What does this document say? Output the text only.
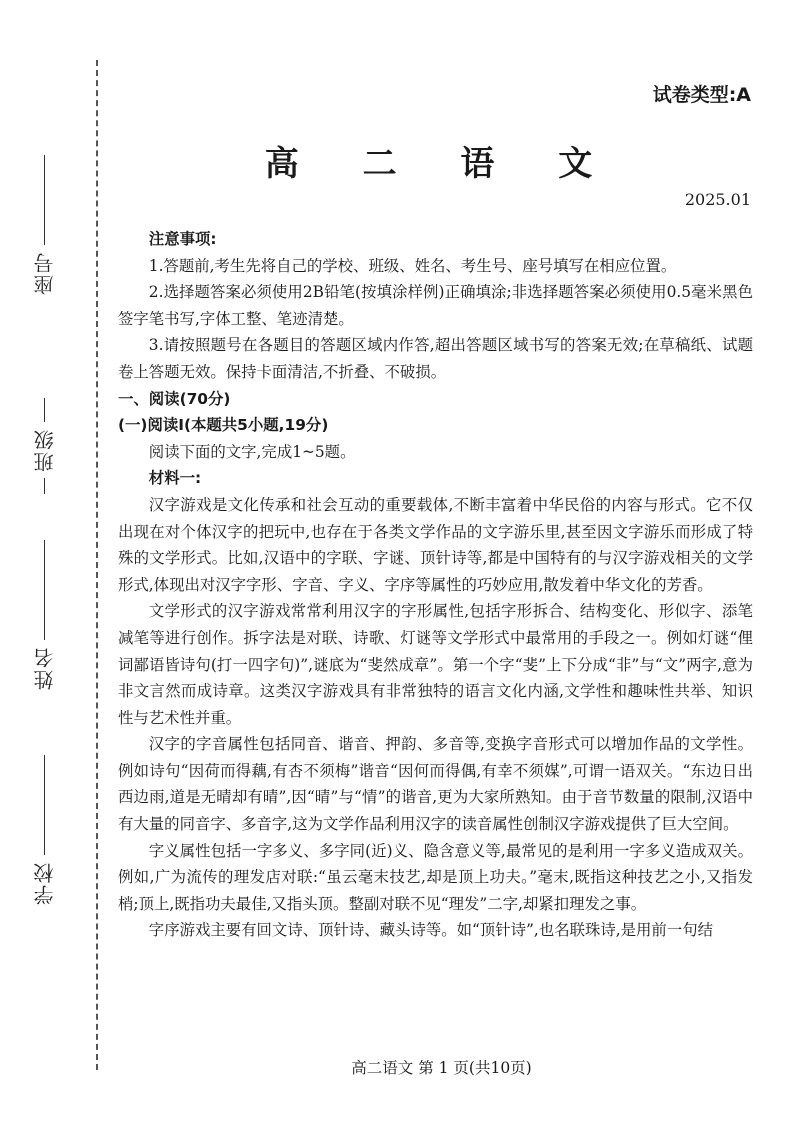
座号
班级
姓名
学校
试卷类型:A
高 二 语 文
2025.01

注意事项:

1.答题前,考生先将自己的学校、班级、姓名、考生号、座号填写在相应位置。

2.选择题答案必须使用2B铅笔(按填涂样例)正确填涂;非选择题答案必须使用0.5毫米黑色签字笔书写,字体工整、笔迹清楚。

3.请按照题号在各题目的答题区域内作答,超出答题区域书写的答案无效;在草稿纸、试题卷上答题无效。保持卡面清洁,不折叠、不破损。

一、阅读(70分)

(一)阅读Ⅰ(本题共5小题,19分)

阅读下面的文字,完成1~5题。

材料一:

汉字游戏是文化传承和社会互动的重要载体,不断丰富着中华民俗的内容与形式。它不仅出现在对个体汉字的把玩中,也存在于各类文学作品的文字游乐里,甚至因文字游乐而形成了特殊的文学形式。比如,汉语中的字联、字谜、顶针诗等,都是中国特有的与汉字游戏相关的文学形式,体现出对汉字字形、字音、字义、字序等属性的巧妙应用,散发着中华文化的芳香。

文学形式的汉字游戏常常利用汉字的字形属性,包括字形拆合、结构变化、形似字、添笔减笔等进行创作。拆字法是对联、诗歌、灯谜等文学形式中最常用的手段之一。例如灯谜“俚词鄙语皆诗句(打一四字句)”,谜底为“斐然成章”。第一个字“斐”上下分成“非”与“文”两字,意为非文言然而成诗章。这类汉字游戏具有非常独特的语言文化内涵,文学性和趣味性共举、知识性与艺术性并重。

汉字的字音属性包括同音、谐音、押韵、多音等,变换字音形式可以增加作品的文学性。例如诗句“因荷而得藕,有杏不须梅”谐音“因何而得偶,有幸不须媒”,可谓一语双关。“东边日出西边雨,道是无晴却有晴”,因“晴”与“情”的谐音,更为大家所熟知。由于音节数量的限制,汉语中有大量的同音字、多音字,这为文学作品利用汉字的读音属性创制汉字游戏提供了巨大空间。

字义属性包括一字多义、多字同(近)义、隐含意义等,最常见的是利用一字多义造成双关。例如,广为流传的理发店对联:“虽云毫末技艺,却是顶上功夫。”毫末,既指这种技艺之小,又指发梢;顶上,既指功夫最佳,又指头顶。整副对联不见“理发”二字,却紧扣理发之事。

字序游戏主要有回文诗、顶针诗、藏头诗等。如“顶针诗”,也名联珠诗,是用前一句结

高二语文 第 1 页(共10页)
